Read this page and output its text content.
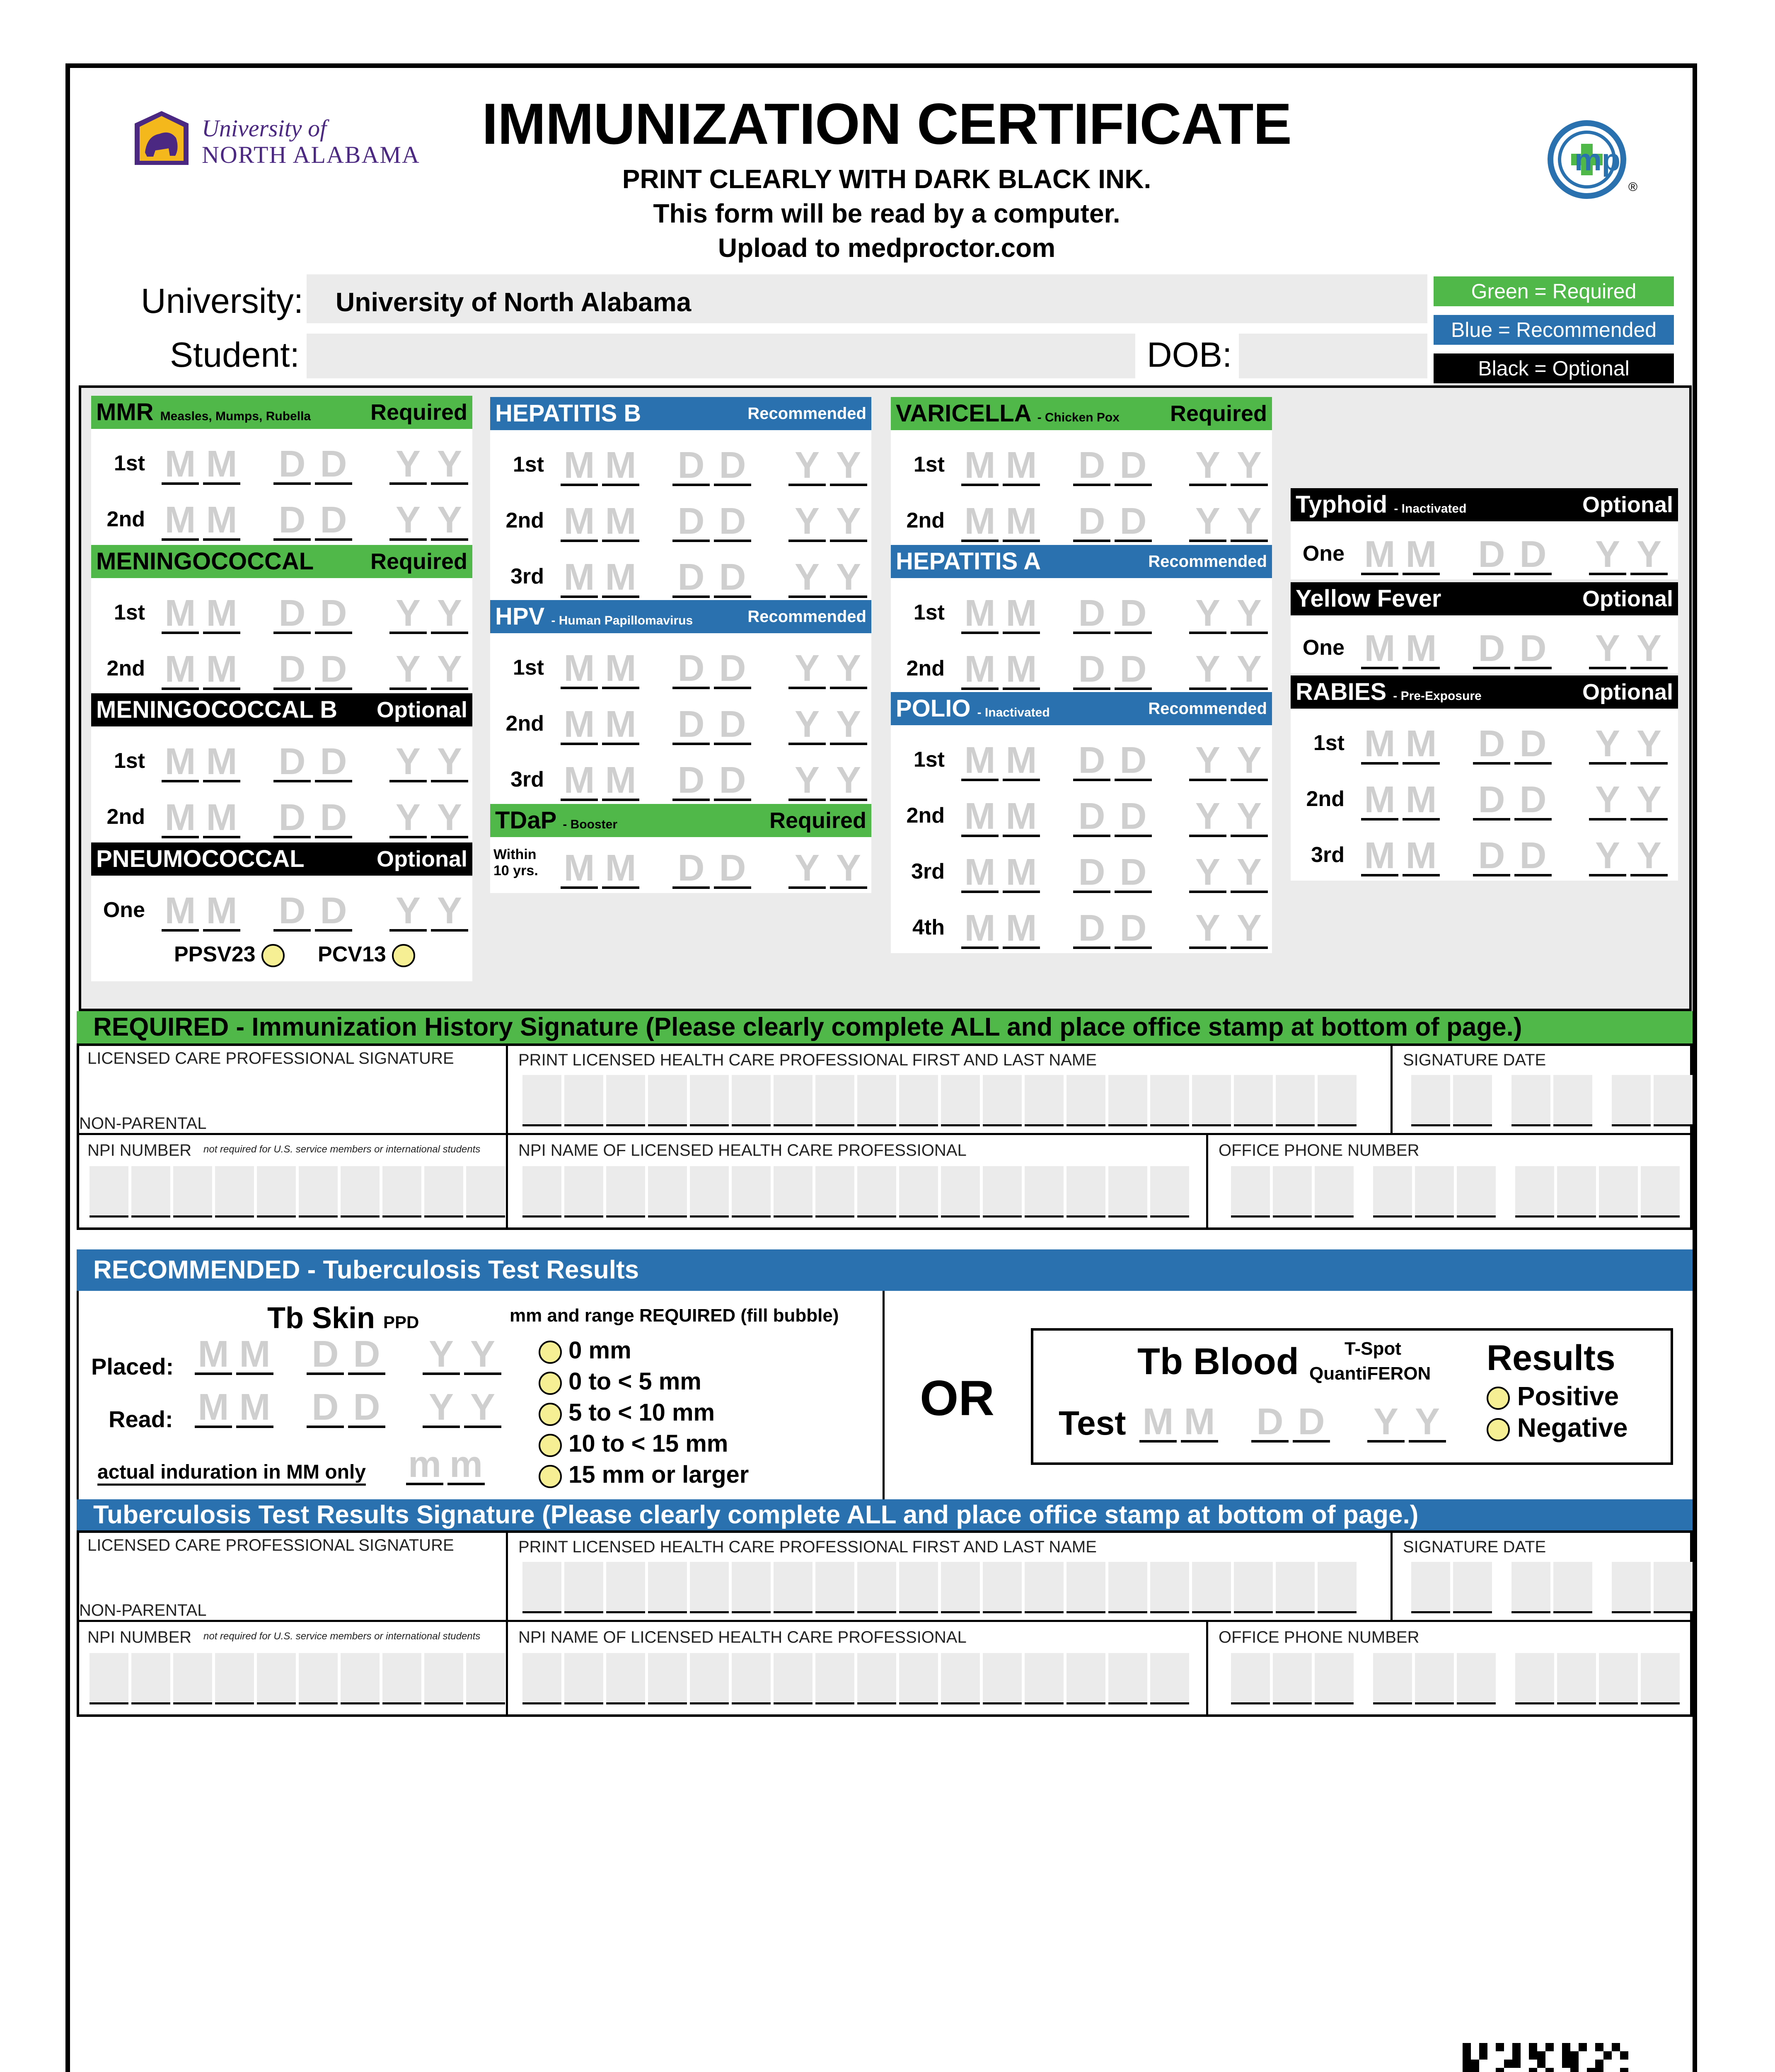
University of
NORTH ALABAMA	IMMUNIZATION CERTIFICATE
PRINT CLEARLY WITH DARK BLACK INK.
This form will be read by a computer.
Upload to medproctor.com
mp
®
University: University of North Alabama
Student:	DOB:
Green = Required
Blue = Recommended
Black = Optional
MMR Measles, Mumps, Rubella	Required
1st M M D D Y Y
2nd M M D D Y Y
MENINGOCOCCAL	Required
1st M M D D Y Y
2nd M M D D Y Y
MENINGOCOCCAL B Optional
1st M M D D Y Y
2nd M M D D Y Y
PNEUMOCOCCAL	Optional
One M M D D Y Y
PPSV23	PCV13
HEPATITIS B	Recommended
1st M M D D Y Y
2nd M M D D Y Y
3rd M M D D Y Y
HPV - Human Papillomavirus	Recommended
1st M M D D Y Y
2nd M M D D Y Y
3rd M M D D Y Y
TDaP - Booster	Required
Within 10 yrs. M M D D Y Y
VARICELLA - Chicken Pox Required
1st M M D D Y Y
2nd M M D D Y Y
HEPATITIS A	Recommended
1st M M D D Y Y
2nd M M D D Y Y
POLIO - Inactivated	Recommended
1st M M D D Y Y
2nd M M D D Y Y
3rd M M D D Y Y
4th M M D D Y Y
Typhoid - Inactivated	Optional
One M M D D Y Y
Yellow Fever	Optional
One M M D D Y Y
RABIES - Pre-Exposure	Optional
1st M M D D Y Y
2nd M M D D Y Y
3rd M M D D Y Y
REQUIRED - Immunization History Signature (Please clearly complete ALL and place office stamp at bottom of page.)
LICENSED CARE PROFESSIONAL SIGNATURE
NON-PARENTAL
PRINT LICENSED HEALTH CARE PROFESSIONAL FIRST AND LAST NAME	SIGNATURE DATE
NPI NUMBER not required for U.S. service members or international students NPI NAME OF LICENSED HEALTH CARE PROFESSIONAL	OFFICE PHONE NUMBER
RECOMMENDED - Tuberculosis Test Results
Tb Skin PPD	mm and range REQUIRED (fill bubble)
Placed:
Read:
actual induration in MM only
M M D D Y Y
M M D D Y Y
m m
0 mm
0 to < 5 mm
5 to < 10 mm
10 to < 15 mm
15 mm or larger
OR
Tb Blood	T-Spot
QuantiFERON Results
Positive
Negative
Test M M D D Y Y
Tuberculosis Test Results Signature (Please clearly complete ALL and place office stamp at bottom of page.)
LICENSED CARE PROFESSIONAL SIGNATURE
NON-PARENTAL
PRINT LICENSED HEALTH CARE PROFESSIONAL FIRST AND LAST NAME	SIGNATURE DATE
NPI NUMBER not required for U.S. service members or international students NPI NAME OF LICENSED HEALTH CARE PROFESSIONAL	OFFICE PHONE NUMBER
